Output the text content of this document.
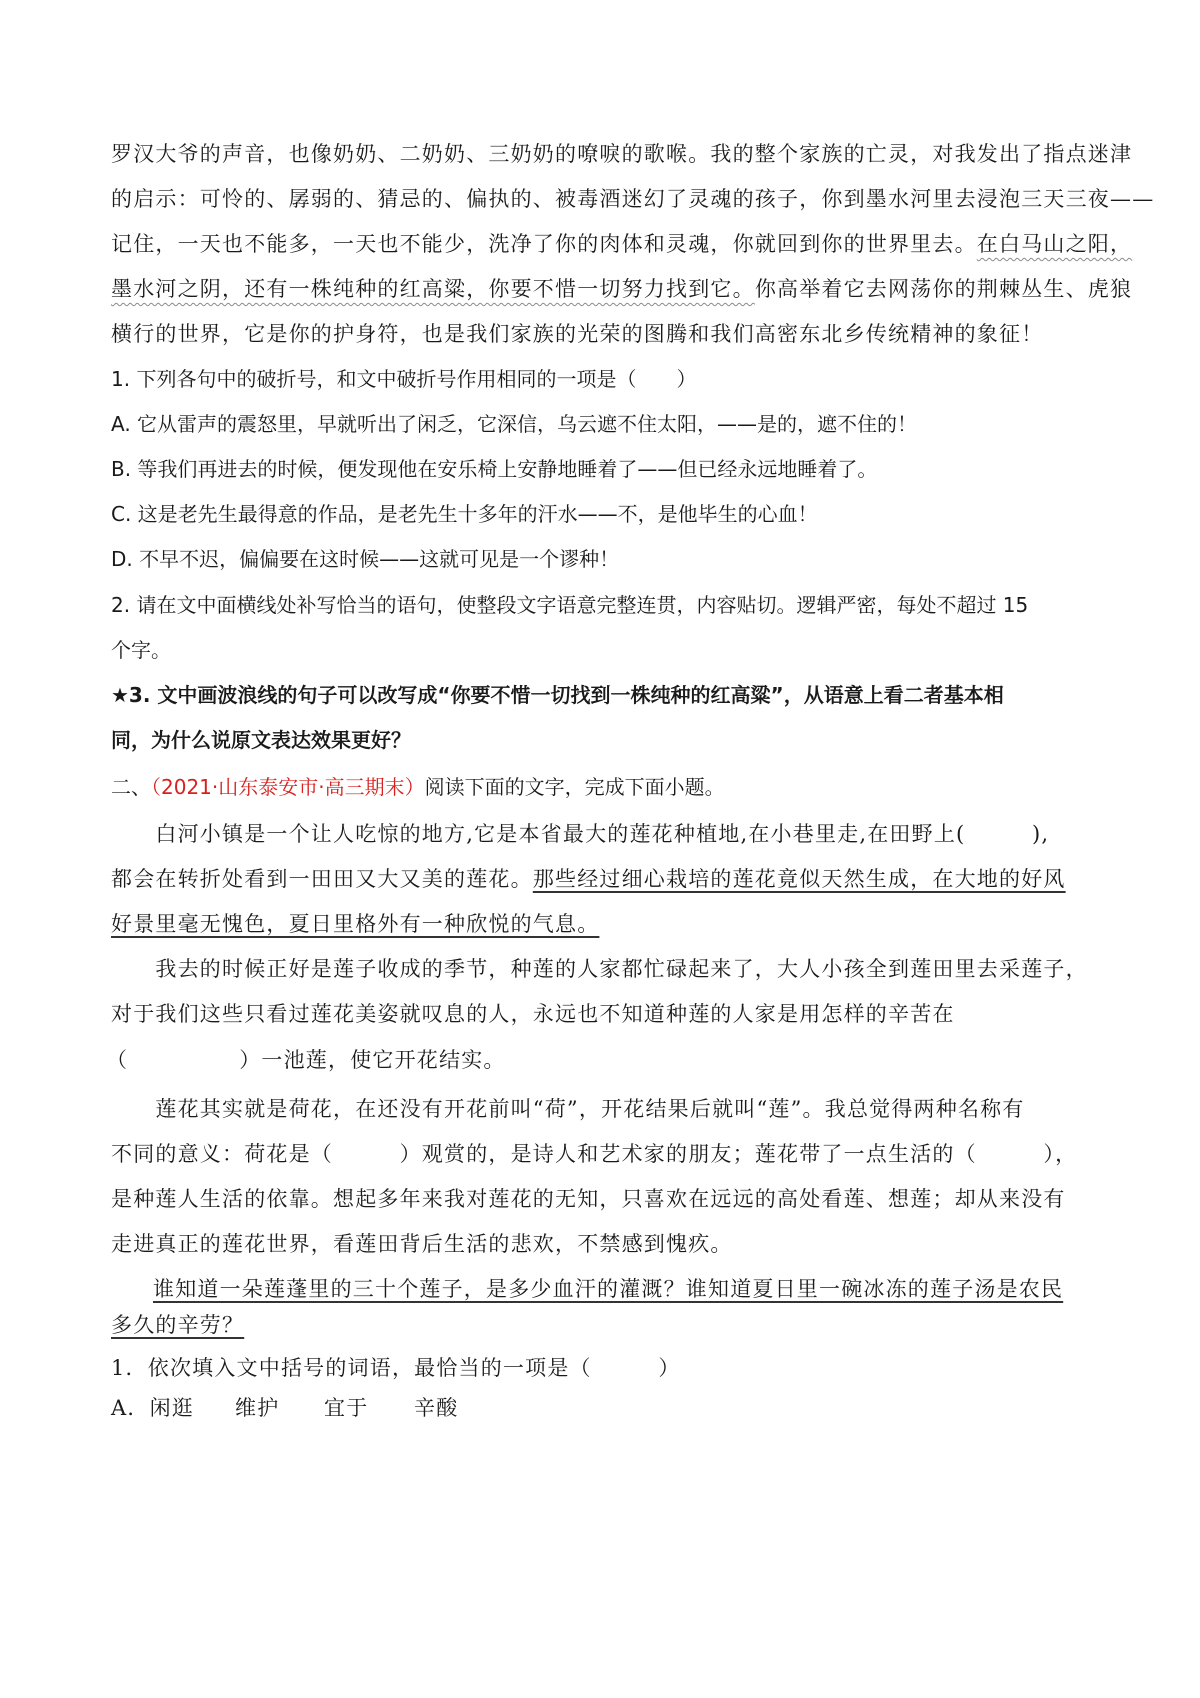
罗汉大爷的声音，也像奶奶、二奶奶、三奶奶的嘹唳的歌喉。我的整个家族的亡灵，对我发出了指点迷津
的启示：可怜的、孱弱的、猜忌的、偏执的、被毒酒迷幻了灵魂的孩子，你到墨水河里去浸泡三天三夜——
记住，一天也不能多，一天也不能少，洗净了你的肉体和灵魂，你就回到你的世界里去。在白马山之阳，
墨水河之阴，还有一株纯种的红高粱，你要不惜一切努力找到它。你高举着它去网荡你的荆棘丛生、虎狼
横行的世界，它是你的护身符，也是我们家族的光荣的图腾和我们高密东北乡传统精神的象征！
1. 下列各句中的破折号，和文中破折号作用相同的一项是（　　）
A. 它从雷声的震怒里，早就听出了闲乏，它深信，乌云遮不住太阳，——是的，遮不住的！
B. 等我们再进去的时候，便发现他在安乐椅上安静地睡着了——但已经永远地睡着了。
C. 这是老先生最得意的作品，是老先生十多年的汗水——不，是他毕生的心血！
D. 不早不迟，偏偏要在这时候——这就可见是一个谬种！
2. 请在文中面横线处补写恰当的语句，使整段文字语意完整连贯，内容贴切。逻辑严密，每处不超过 15
个字。
★3. 文中画波浪线的句子可以改写成“你要不惜一切找到一株纯种的红高粱”，从语意上看二者基本相
同，为什么说原文表达效果更好？
二、（2021·山东泰安市·高三期末）阅读下面的文字，完成下面小题。
　　白河小镇是一个让人吃惊的地方,它是本省最大的莲花种植地,在小巷里走,在田野上(　　　),
都会在转折处看到一田田又大又美的莲花。那些经过细心栽培的莲花竟似天然生成，在大地的好风
好景里毫无愧色，夏日里格外有一种欣悦的气息。
　　我去的时候正好是莲子收成的季节，种莲的人家都忙碌起来了，大人小孩全到莲田里去采莲子，
对于我们这些只看过莲花美姿就叹息的人，永远也不知道种莲的人家是用怎样的辛苦在
（　　　　　）一池莲，使它开花结实。
　　莲花其实就是荷花，在还没有开花前叫“荷”，开花结果后就叫“莲”。我总觉得两种名称有
不同的意义：荷花是（　　　）观赏的，是诗人和艺术家的朋友；莲花带了一点生活的（　　　），
是种莲人生活的依靠。想起多年来我对莲花的无知，只喜欢在远远的高处看莲、想莲；却从来没有
走进真正的莲花世界，看莲田背后生活的悲欢，不禁感到愧疚。
谁知道一朵莲蓬里的三十个莲子，是多少血汗的灌溉？谁知道夏日里一碗冰冻的莲子汤是农民
多久的辛劳？
1．依次填入文中括号的词语，最恰当的一项是（　　　）
A．闲逛 维护 宜于 辛酸
